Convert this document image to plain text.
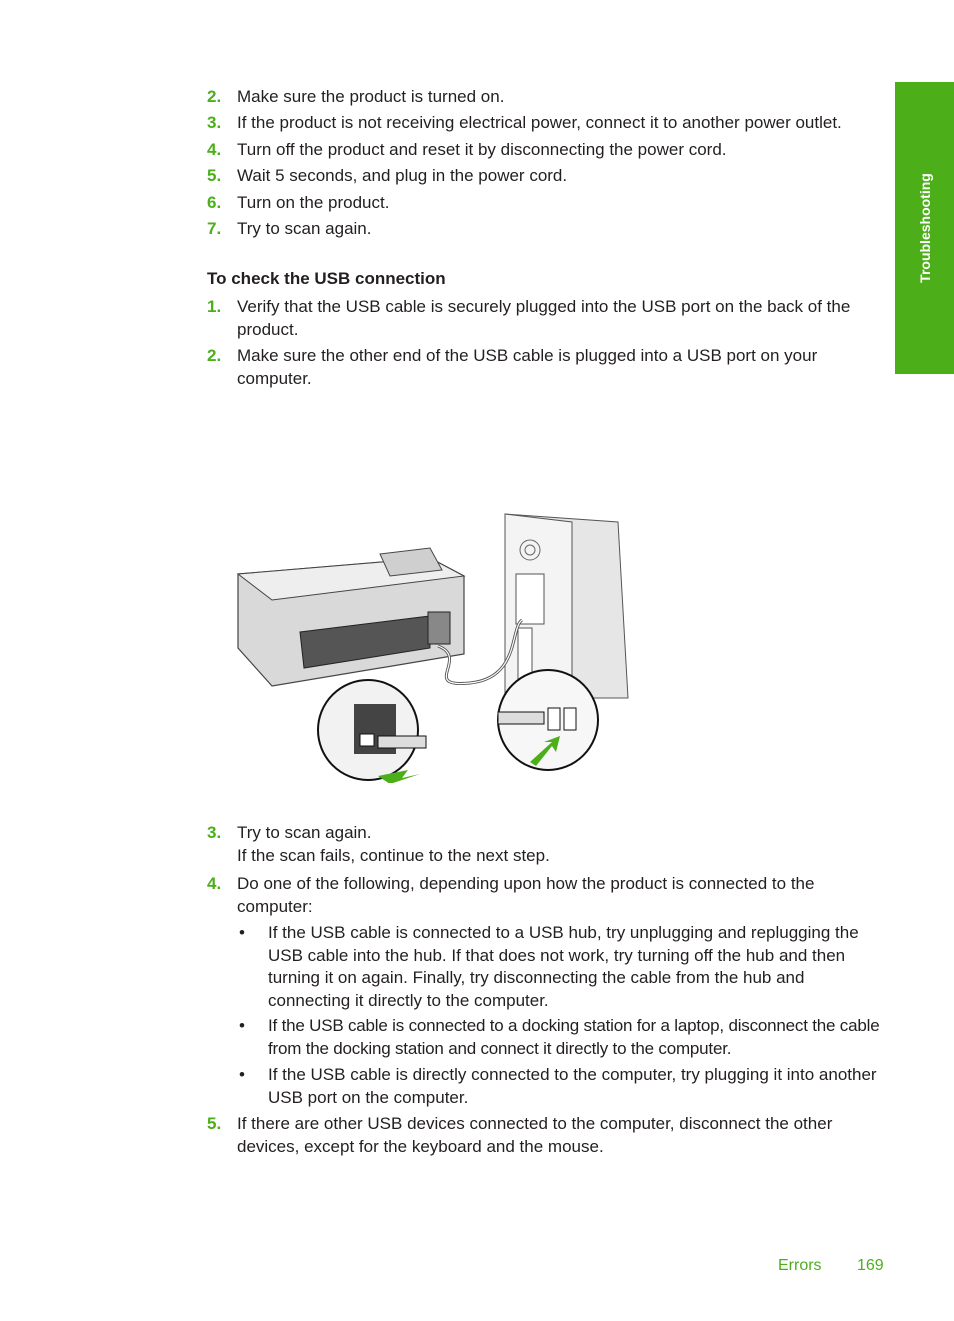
Troubleshooting
2. Make sure the product is turned on.
3. If the product is not receiving electrical power, connect it to another power outlet.
4. Turn off the product and reset it by disconnecting the power cord.
5. Wait 5 seconds, and plug in the power cord.
6. Turn on the product.
7. Try to scan again.
To check the USB connection
1. Verify that the USB cable is securely plugged into the USB port on the back of the product.
2. Make sure the other end of the USB cable is plugged into a USB port on your computer.
3. Try to scan again.
If the scan fails, continue to the next step.
4. Do one of the following, depending upon how the product is connected to the computer:
• If the USB cable is connected to a USB hub, try unplugging and replugging the USB cable into the hub. If that does not work, try turning off the hub and then turning it on again. Finally, try disconnecting the cable from the hub and connecting it directly to the computer.
• If the USB cable is connected to a docking station for a laptop, disconnect the cable from the docking station and connect it directly to the computer.
• If the USB cable is directly connected to the computer, try plugging it into another USB port on the computer.
5. If there are other USB devices connected to the computer, disconnect the other devices, except for the keyboard and the mouse.
Errors 169
